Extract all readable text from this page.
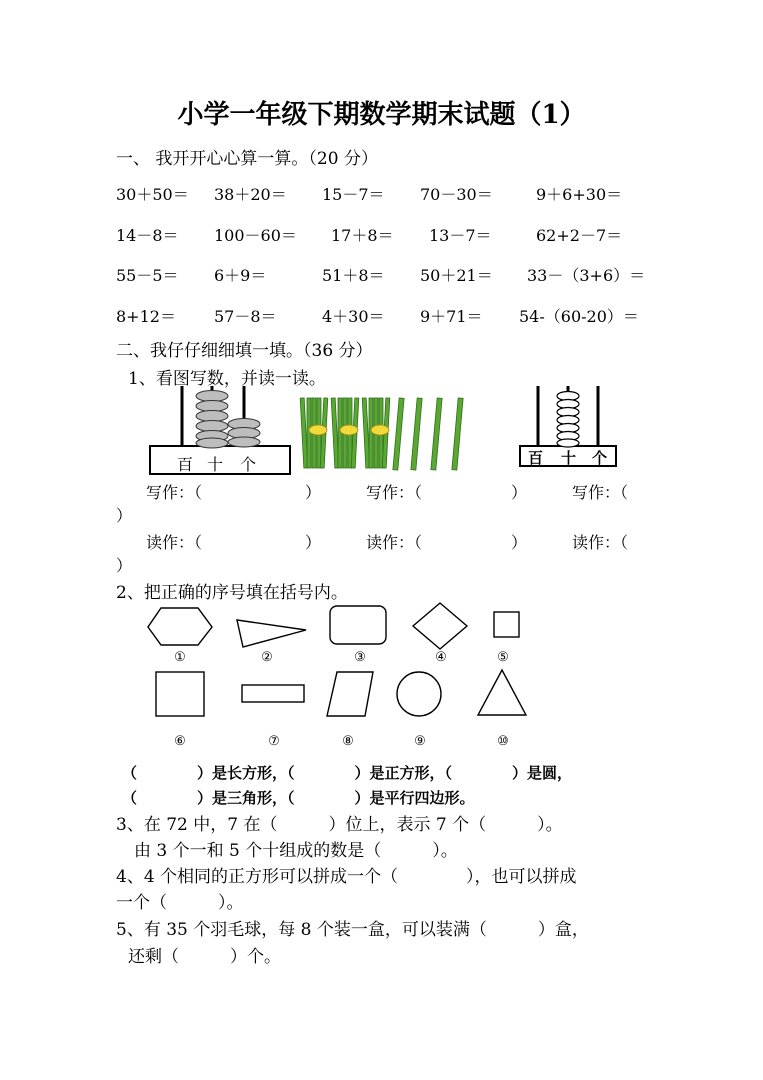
小学一年级下期数学期末试题（1）
一、 我开开心心算一算。（20 分）
30＋50＝ 38＋20＝ 15－7＝ 70－30＝	9＋6+30＝
14－8＝ 100－60＝ 17＋8＝ 13－7＝	62+2－7＝
55－5＝ 6＋9＝	51＋8＝ 50＋21＝ 33－（3+6）＝
8+12＝ 57－8＝	4＋30＝ 9＋71＝ 54-（60-20）＝
二、我仔仔细细填一填。（36 分）
1、看图写数，并读一读。
百 十 个	百 十 个
写作：（	）	写作：（	）	写作：（
）
读作：（	）	读作：（	）	读作：（
）
2、把正确的序号填在括号内。
①	②	③	④	⑤
⑥	⑦	⑧	⑨	⑩
（　　　　）是长方形，（　　　　）是正方形，（　　　　）是圆，
（　　　　）是三角形，（　　　　）是平行四边形。
3、在 72 中，7 在（　　　）位上，表示 7 个（　　　）。
由 3 个一和 5 个十组成的数是（　　　）。
4、4 个相同的正方形可以拼成一个（　　　　），也可以拼成
一个（　　　）。
5、有 35 个羽毛球，每 8 个装一盒，可以装满（　　　）盒，
还剩（　　　）个。
